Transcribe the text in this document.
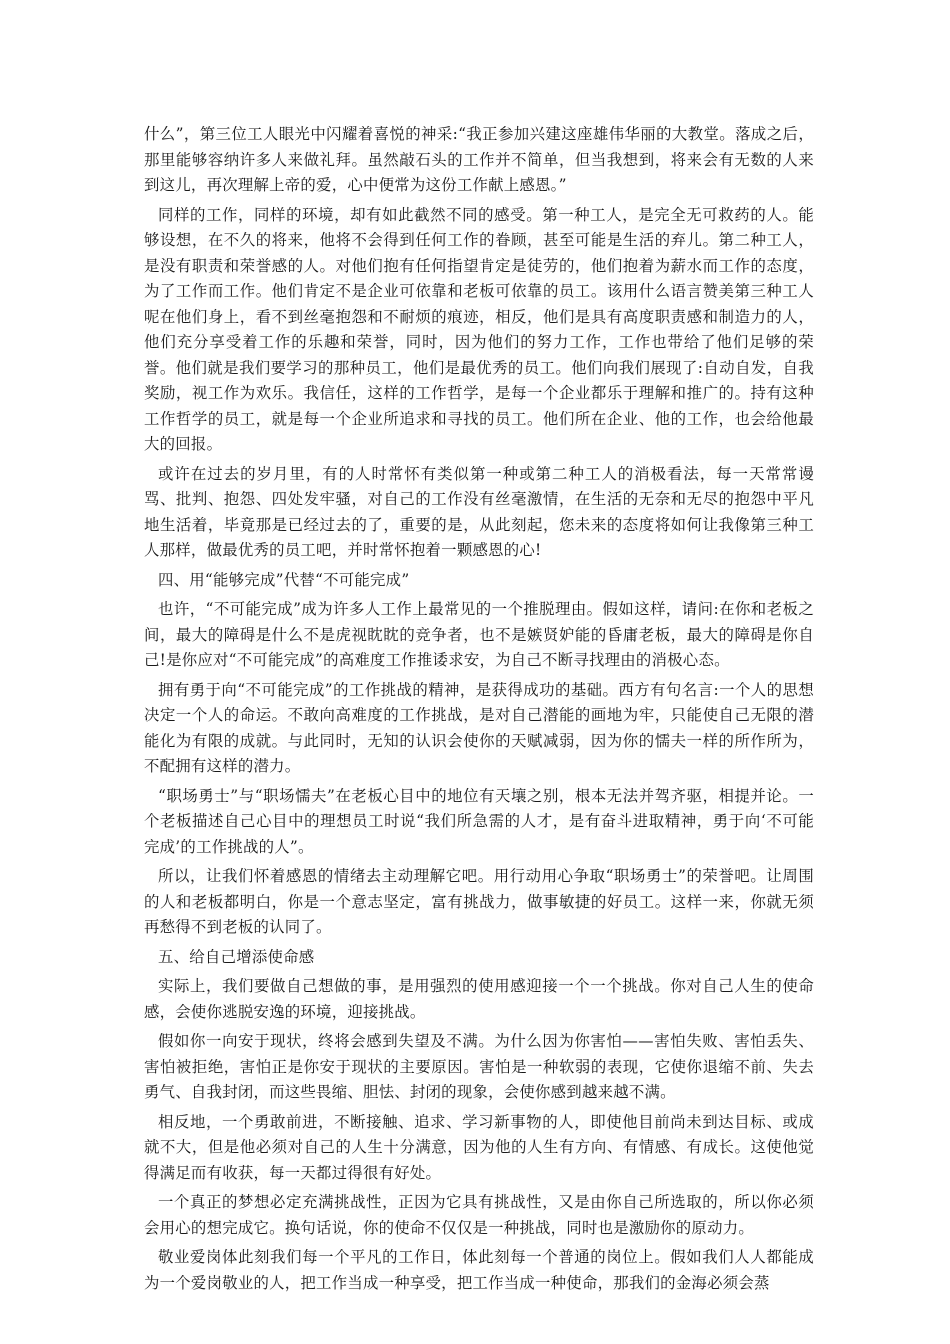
什么”，第三位工人眼光中闪耀着喜悦的神采:“我正参加兴建这座雄伟华丽的大教堂。落成之后，那里能够容纳许多人来做礼拜。虽然敲石头的工作并不简单，但当我想到，将来会有无数的人来到这儿，再次理解上帝的爱，心中便常为这份工作献上感恩。”

同样的工作，同样的环境，却有如此截然不同的感受。第一种工人，是完全无可救药的人。能够设想，在不久的将来，他将不会得到任何工作的眷顾，甚至可能是生活的弃儿。第二种工人，是没有职责和荣誉感的人。对他们抱有任何指望肯定是徒劳的，他们抱着为薪水而工作的态度，为了工作而工作。他们肯定不是企业可依靠和老板可依靠的员工。该用什么语言赞美第三种工人呢在他们身上，看不到丝毫抱怨和不耐烦的痕迹，相反，他们是具有高度职责感和制造力的人，他们充分享受着工作的乐趣和荣誉，同时，因为他们的努力工作，工作也带给了他们足够的荣誉。他们就是我们要学习的那种员工，他们是最优秀的员工。他们向我们展现了:自动自发，自我奖励，视工作为欢乐。我信任，这样的工作哲学，是每一个企业都乐于理解和推广的。持有这种工作哲学的员工，就是每一个企业所追求和寻找的员工。他们所在企业、他的工作，也会给他最大的回报。

或许在过去的岁月里，有的人时常怀有类似第一种或第二种工人的消极看法，每一天常常谩骂、批判、抱怨、四处发牢骚，对自己的工作没有丝毫激情，在生活的无奈和无尽的抱怨中平凡地生活着，毕竟那是已经过去的了，重要的是，从此刻起，您未来的态度将如何让我像第三种工人那样，做最优秀的员工吧，并时常怀抱着一颗感恩的心!

四、用“能够完成”代替“不可能完成”

也许，“不可能完成”成为许多人工作上最常见的一个推脱理由。假如这样，请问:在你和老板之间，最大的障碍是什么不是虎视眈眈的竞争者，也不是嫉贤妒能的昏庸老板，最大的障碍是你自己!是你应对“不可能完成”的高难度工作推诿求安，为自己不断寻找理由的消极心态。

拥有勇于向“不可能完成”的工作挑战的精神，是获得成功的基础。西方有句名言:一个人的思想决定一个人的命运。不敢向高难度的工作挑战，是对自己潜能的画地为牢，只能使自己无限的潜能化为有限的成就。与此同时，无知的认识会使你的天赋减弱，因为你的懦夫一样的所作所为，不配拥有这样的潜力。

“职场勇士”与“职场懦夫”在老板心目中的地位有天壤之别，根本无法并驾齐驱，相提并论。一个老板描述自己心目中的理想员工时说“我们所急需的人才，是有奋斗进取精神，勇于向‘不可能完成’的工作挑战的人”。

所以，让我们怀着感恩的情绪去主动理解它吧。用行动用心争取“职场勇士”的荣誉吧。让周围的人和老板都明白，你是一个意志坚定，富有挑战力，做事敏捷的好员工。这样一来，你就无须再愁得不到老板的认同了。

五、给自己增添使命感

实际上，我们要做自己想做的事，是用强烈的使用感迎接一个一个挑战。你对自己人生的使命感，会使你逃脱安逸的环境，迎接挑战。

假如你一向安于现状，终将会感到失望及不满。为什么因为你害怕——害怕失败、害怕丢失、害怕被拒绝，害怕正是你安于现状的主要原因。害怕是一种软弱的表现，它使你退缩不前、失去勇气、自我封闭，而这些畏缩、胆怯、封闭的现象，会使你感到越来越不满。

相反地，一个勇敢前进，不断接触、追求、学习新事物的人，即使他目前尚未到达目标、或成就不大，但是他必须对自己的人生十分满意，因为他的人生有方向、有情感、有成长。这使他觉得满足而有收获，每一天都过得很有好处。

一个真正的梦想必定充满挑战性，正因为它具有挑战性，又是由你自己所选取的，所以你必须会用心的想完成它。换句话说，你的使命不仅仅是一种挑战，同时也是激励你的原动力。

敬业爱岗体此刻我们每一个平凡的工作日，体此刻每一个普通的岗位上。假如我们人人都能成为一个爱岗敬业的人，把工作当成一种享受，把工作当成一种使命，那我们的金海必须会蒸
